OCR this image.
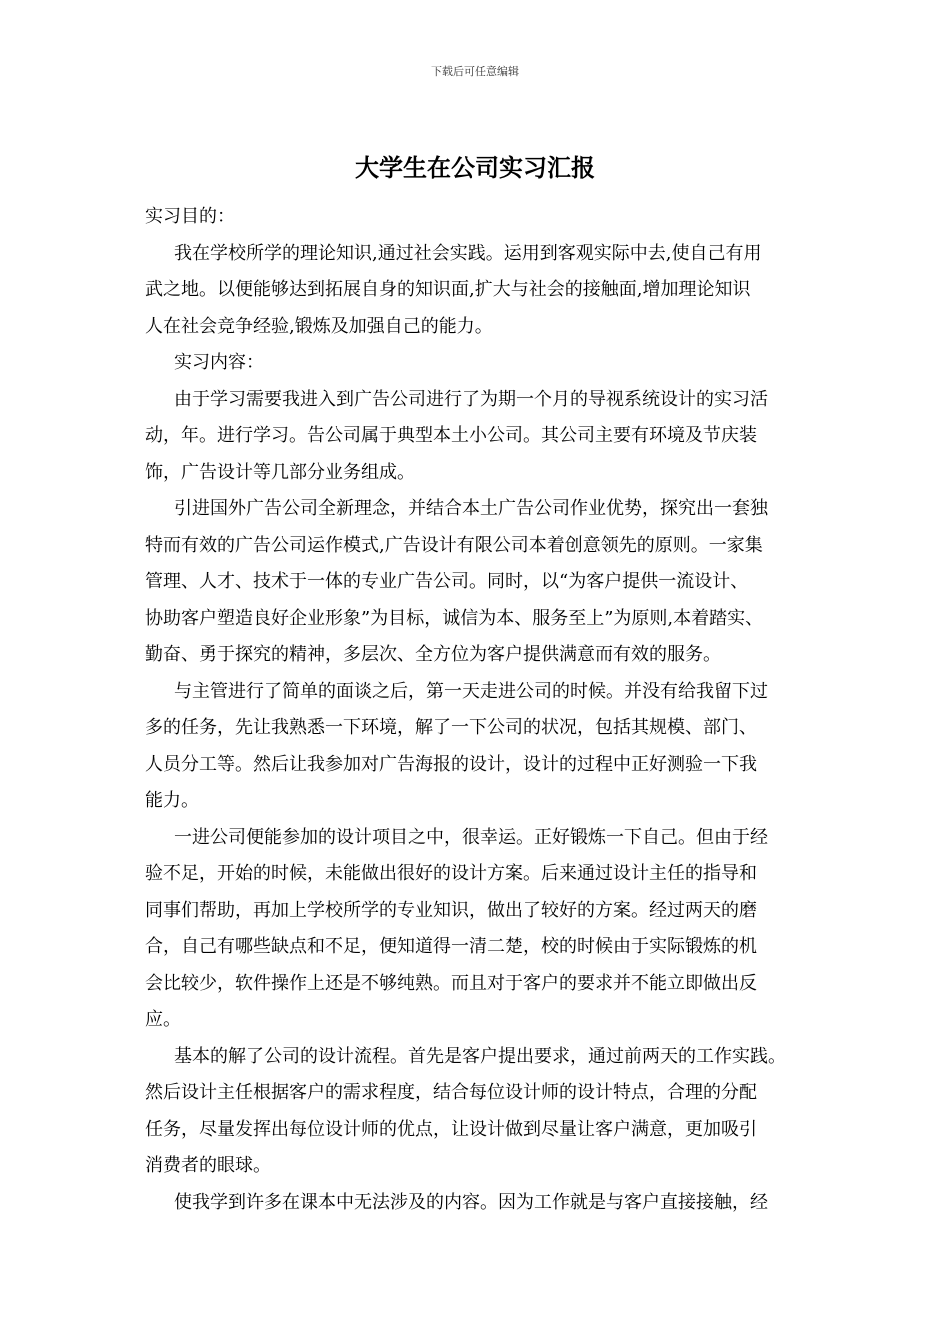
下载后可任意编辑
大学生在公司实习汇报
实习目的：
我在学校所学的理论知识,通过社会实践。运用到客观实际中去,使自己有用
武之地。以便能够达到拓展自身的知识面,扩大与社会的接触面,增加理论知识
人在社会竞争经验,锻炼及加强自己的能力。
实习内容：
由于学习需要我进入到广告公司进行了为期一个月的导视系统设计的实习活
动，年。进行学习。告公司属于典型本土小公司。其公司主要有环境及节庆装
饰，广告设计等几部分业务组成。
引进国外广告公司全新理念，并结合本土广告公司作业优势，探究出一套独
特而有效的广告公司运作模式,广告设计有限公司本着创意领先的原则。一家集
管理、人才、技术于一体的专业广告公司。同时，以“为客户提供一流设计、
协助客户塑造良好企业形象”为目标，诚信为本、服务至上”为原则,本着踏实、
勤奋、勇于探究的精神，多层次、全方位为客户提供满意而有效的服务。
与主管进行了简单的面谈之后，第一天走进公司的时候。并没有给我留下过
多的任务，先让我熟悉一下环境，解了一下公司的状况，包括其规模、部门、
人员分工等。然后让我参加对广告海报的设计，设计的过程中正好测验一下我
能力。
一进公司便能参加的设计项目之中，很幸运。正好锻炼一下自己。但由于经
验不足，开始的时候，未能做出很好的设计方案。后来通过设计主任的指导和
同事们帮助，再加上学校所学的专业知识，做出了较好的方案。经过两天的磨
合，自己有哪些缺点和不足，便知道得一清二楚，校的时候由于实际锻炼的机
会比较少，软件操作上还是不够纯熟。而且对于客户的要求并不能立即做出反
应。
基本的解了公司的设计流程。首先是客户提出要求，通过前两天的工作实践。
然后设计主任根据客户的需求程度，结合每位设计师的设计特点，合理的分配
任务，尽量发挥出每位设计师的优点，让设计做到尽量让客户满意，更加吸引
消费者的眼球。
使我学到许多在课本中无法涉及的内容。因为工作就是与客户直接接触，经
